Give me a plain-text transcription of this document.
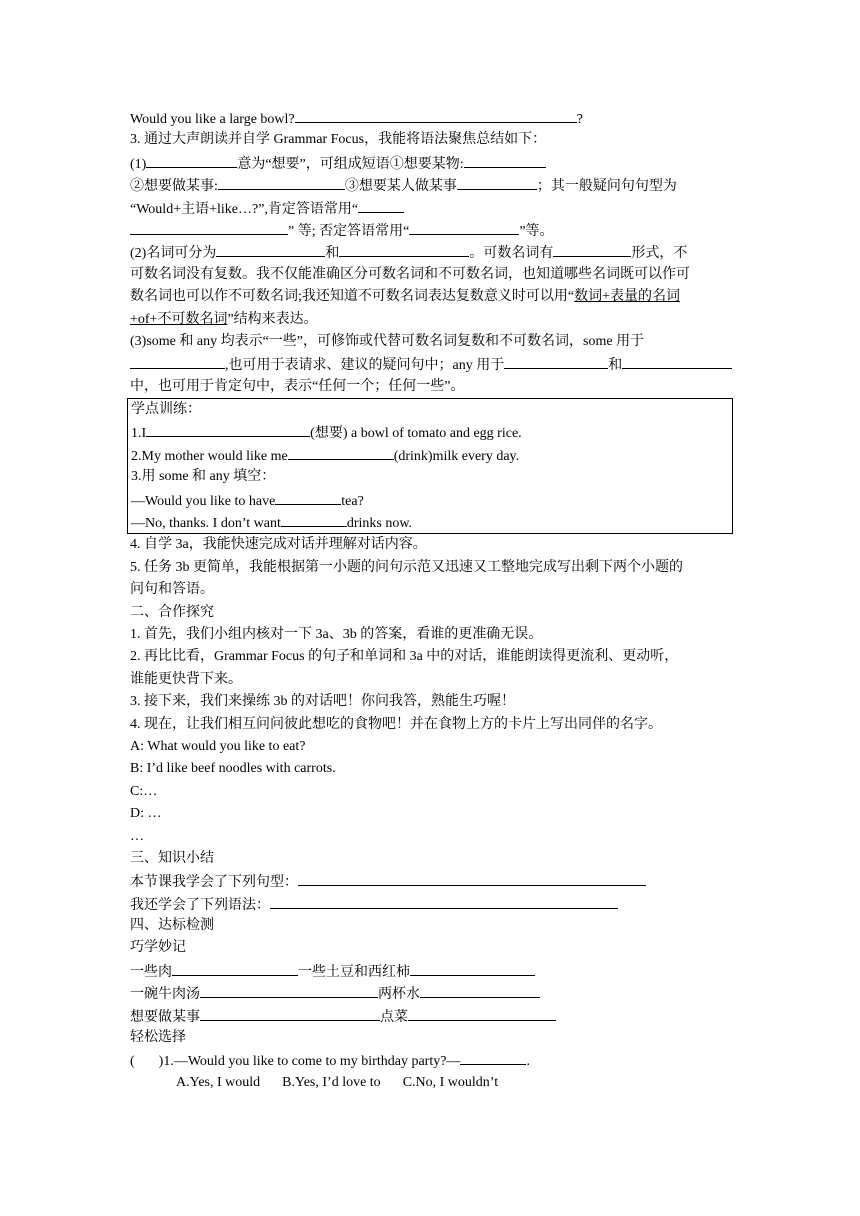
Would you like a large bowl?	?
3. 通过大声朗读并自学 Grammar Focus，我能将语法聚焦总结如下：
(1)	意为“想要”，可组成短语①想要某物:
②想要做某事:	③想要某人做某事	；其一般疑问句句型为
“Would+主语+like…?”,肯定答语常用“
” 等; 否定答语常用“	”等。
(2)名词可分为	和	。可数名词有	形式，不
可数名词没有复数。我不仅能准确区分可数名词和不可数名词，也知道哪些名词既可以作可
数名词也可以作不可数名词;我还知道不可数名词表达复数意义时可以用“数词+表量的名词
+of+不可数名词”结构来表达。
(3)some 和 any 均表示“一些”，可修饰或代替可数名词复数和不可数名词，some 用于
,也可用于表请求、建议的疑问句中；any 用于	和
中，也可用于肯定句中，表示“任何一个；任何一些”。
学点训练：
1.I	(想要) a bowl of tomato and egg rice.
2.My mother would like me	(drink)milk every day.
3.用 some 和 any 填空：
—Would you like to have	tea?
—No, thanks. I don’t want	drinks now.
4. 自学 3a，我能快速完成对话并理解对话内容。
5. 任务 3b 更简单，我能根据第一小题的问句示范又迅速又工整地完成写出剩下两个小题的
问句和答语。
二、合作探究
1. 首先，我们小组内核对一下 3a、3b 的答案，看谁的更准确无误。
2. 再比比看，Grammar Focus 的句子和单词和 3a 中的对话，谁能朗读得更流利、更动听，
谁能更快背下来。
3. 接下来，我们来操练 3b 的对话吧！你问我答，熟能生巧喔！
4. 现在，让我们相互问问彼此想吃的食物吧！并在食物上方的卡片上写出同伴的名字。
A: What would you like to eat?
B: I’d like beef noodles with carrots.
C:…
D: …
…
三、知识小结
本节课我学会了下列句型：
我还学会了下列语法：
四、达标检测
巧学妙记
一些肉	一些土豆和西红柿
一碗牛肉汤	两杯水
想要做某事	点菜
轻松选择
( )1.—Would you like to come to my birthday party?—	.
A.Yes, I would B.Yes, I’d love to C.No, I wouldn’t
